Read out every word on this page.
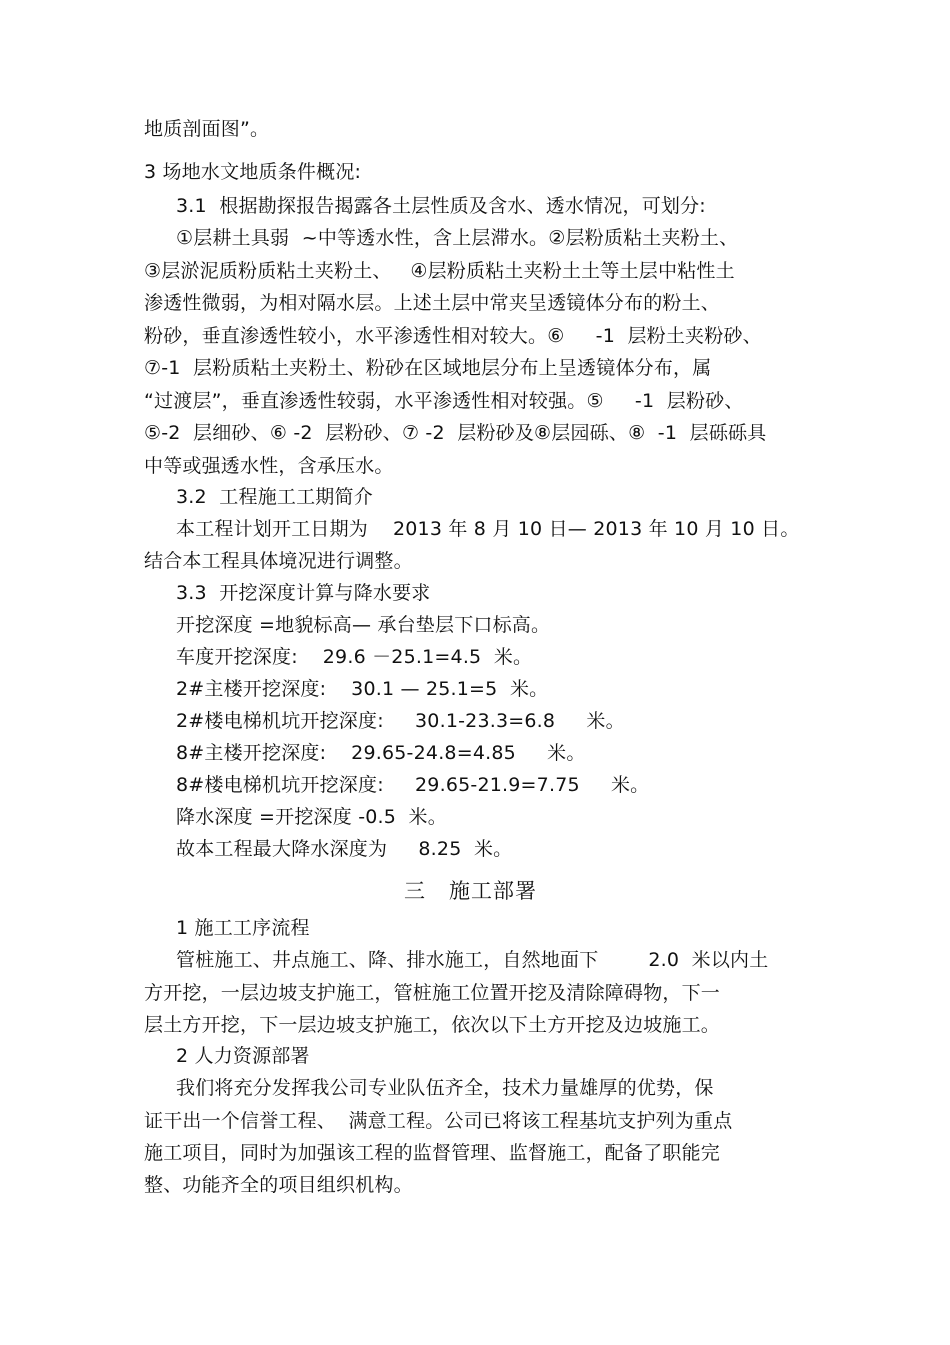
地质剖面图”。
3 场地水文地质条件概况:
3.1  根据勘探报告揭露各土层性质及含水、透水情况，可划分:
①层耕土具弱  ~中等透水性，含上层滞水。②层粉质粘土夹粉土、
③层淤泥质粉质粘土夹粉土、   ④层粉质粘土夹粉土土等土层中粘性土
渗透性微弱，为相对隔水层。上述土层中常夹呈透镜体分布的粉土、
粉砂，垂直渗透性较小，水平渗透性相对较大。⑥     -1  层粉土夹粉砂、
⑦-1  层粉质粘土夹粉土、粉砂在区域地层分布上呈透镜体分布，属
“过渡层”，垂直渗透性较弱，水平渗透性相对较强。⑤     -1  层粉砂、
⑤-2  层细砂、⑥ -2  层粉砂、⑦ -2  层粉砂及⑧层园砾、⑧  -1  层砾砾具
中等或强透水性，含承压水。
3.2  工程施工工期简介
本工程计划开工日期为    2013 年 8 月 10 日— 2013 年 10 月 10 日。
结合本工程具体境况进行调整。
3.3  开挖深度计算与降水要求
开挖深度 =地貌标高— 承台垫层下口标高。
车度开挖深度:    29.6 －25.1=4.5  米。
2#主楼开挖深度:    30.1 — 25.1=5  米。
2#楼电梯机坑开挖深度:     30.1-23.3=6.8     米。
8#主楼开挖深度:    29.65-24.8=4.85     米。
8#楼电梯机坑开挖深度:     29.65-21.9=7.75     米。
降水深度 =开挖深度 -0.5  米。
故本工程最大降水深度为     8.25  米。
三   施工部署
1 施工工序流程
管桩施工、井点施工、降、排水施工，自然地面下        2.0  米以内土
方开挖，一层边坡支护施工，管桩施工位置开挖及清除障碍物，下一
层土方开挖，下一层边坡支护施工，依次以下土方开挖及边坡施工。
2 人力资源部署
我们将充分发挥我公司专业队伍齐全，技术力量雄厚的优势，保
证干出一个信誉工程、  满意工程。公司已将该工程基坑支护列为重点
施工项目，同时为加强该工程的监督管理、监督施工，配备了职能完
整、功能齐全的项目组织机构。
